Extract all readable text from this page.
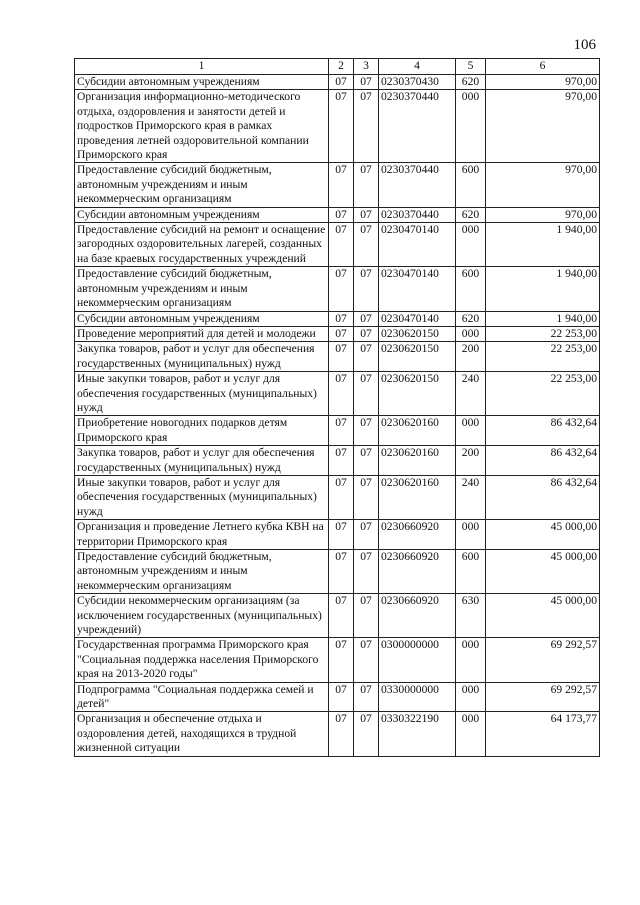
106
1	2	3	4	5	6
Субсидии автономным учреждениям	07	07	0230370430	620	970,00
Организация информационно-методического отдыха, оздоровления и занятости детей и подростков Приморского края в рамках проведения летней оздоровительной компании Приморского края	07	07	0230370440	000	970,00
Предоставление субсидий бюджетным, автономным учреждениям и иным некоммерческим организациям	07	07	0230370440	600	970,00
Субсидии автономным учреждениям	07	07	0230370440	620	970,00
Предоставление субсидий на ремонт и оснащение загородных оздоровительных лагерей, созданных на базе краевых государственных учреждений	07	07	0230470140	000	1 940,00
Предоставление субсидий бюджетным, автономным учреждениям и иным некоммерческим организациям	07	07	0230470140	600	1 940,00
Субсидии автономным учреждениям	07	07	0230470140	620	1 940,00
Проведение мероприятий для детей и молодежи	07	07	0230620150	000	22 253,00
Закупка товаров, работ и услуг для обеспечения государственных (муниципальных) нужд	07	07	0230620150	200	22 253,00
Иные закупки товаров, работ и услуг для обеспечения государственных (муниципальных) нужд	07	07	0230620150	240	22 253,00
Приобретение новогодних подарков детям Приморского края	07	07	0230620160	000	86 432,64
Закупка товаров, работ и услуг для обеспечения государственных (муниципальных) нужд	07	07	0230620160	200	86 432,64
Иные закупки товаров, работ и услуг для обеспечения государственных (муниципальных) нужд	07	07	0230620160	240	86 432,64
Организация и проведение Летнего кубка КВН на территории Приморского края	07	07	0230660920	000	45 000,00
Предоставление субсидий бюджетным, автономным учреждениям и иным некоммерческим организациям	07	07	0230660920	600	45 000,00
Субсидии некоммерческим организациям (за исключением государственных (муниципальных) учреждений)	07	07	0230660920	630	45 000,00
Государственная программа Приморского края "Социальная поддержка населения Приморского края на 2013-2020 годы"	07	07	0300000000	000	69 292,57
Подпрограмма "Социальная поддержка семей и детей"	07	07	0330000000	000	69 292,57
Организация и обеспечение отдыха и оздоровления детей, находящихся в трудной жизненной ситуации	07	07	0330322190	000	64 173,77
